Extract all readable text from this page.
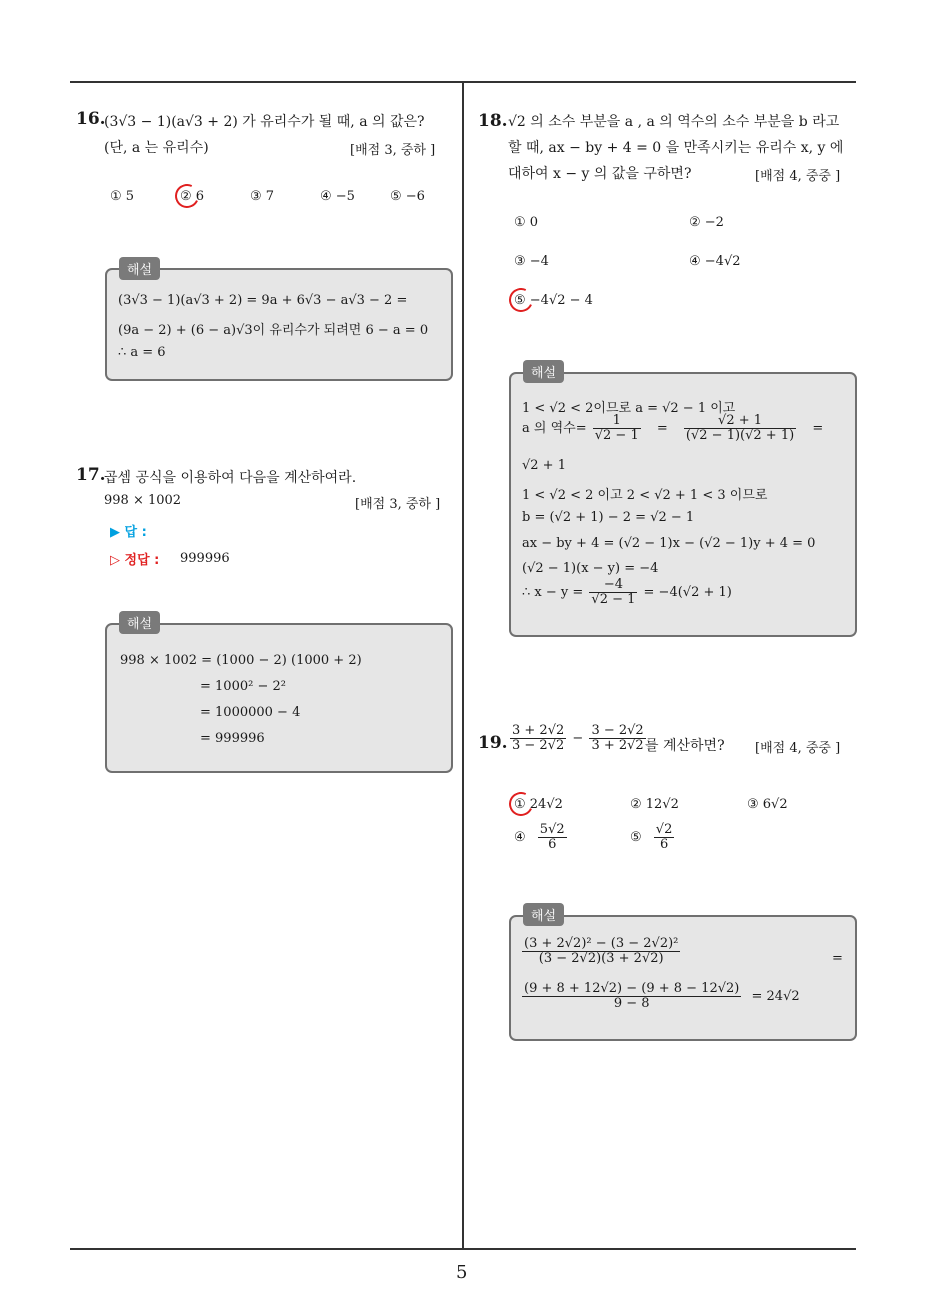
5
16.
(3√3 − 1)(a√3 + 2) 가 유리수가 될 때, a 의 값은?
(단, a 는 유리수)	[배점 3, 중하 ]
① 5	② 6	③ 7	④ −5	⑤ −6
해설
(3√3 − 1)(a√3 + 2) = 9a + 6√3 − a√3 − 2 =
(9a − 2) + (6 − a)√3이 유리수가 되려면 6 − a = 0
∴ a = 6
17.
곱셈 공식을 이용하여 다음을 계산하여라.
998 × 1002	[배점 3, 중하 ]
▶ 답 :
▷ 정답 : 999996
해설
998 × 1002 = (1000 − 2) (1000 + 2)
= 1000² − 2²
= 1000000 − 4
= 999996
18. √2 의 소수 부분을 a , a 의 역수의 소수 부분을 b 라고
할 때, ax − by + 4 = 0 을 만족시키는 유리수 x, y 에
대하여 x − y 의 값을 구하면?	[배점 4, 중중 ]
① 0	② −2
③ −4	④ −4√2
⑤ −4√2 − 4
해설
1 < √2 < 2이므로 a = √2 − 1 이고
a 의 역수= $\frac{1}{√2 - 1} = \frac{√2 + 1}{(√2 - 1)(√2 + 1)}$ =
√2 + 1
1 < √2 < 2 이고 2 < √2 + 1 < 3 이므로
b = (√2 + 1) − 2 = √2 − 1
ax − by + 4 = (√2 − 1)x − (√2 − 1)y + 4 = 0
(√2 − 1)(x − y) = −4
∴ $x - y = \frac{-4}{√2 - 1} = -4(√2 + 1)$
19. $\frac{3 + 2√2}{3 - 2√2} - \frac{3 - 2√2}{3 + 2√2}$ 를 계산하면? [배점 4, 중중 ]
① 24√2	② 12√2	③ 6√2
④ $\frac{5√2}{6}$	⑤ $\frac{√2}{6}$
해설
$\frac{\text{(3 + 2√2)² − (3 − 2√2)²}}{(3 - 2√2)(3 + 2√2)}$	=
$\frac{(9 + 8 + 12√2) - (9 + 8 - 12√2)}{9 - 8} = 24√2$
